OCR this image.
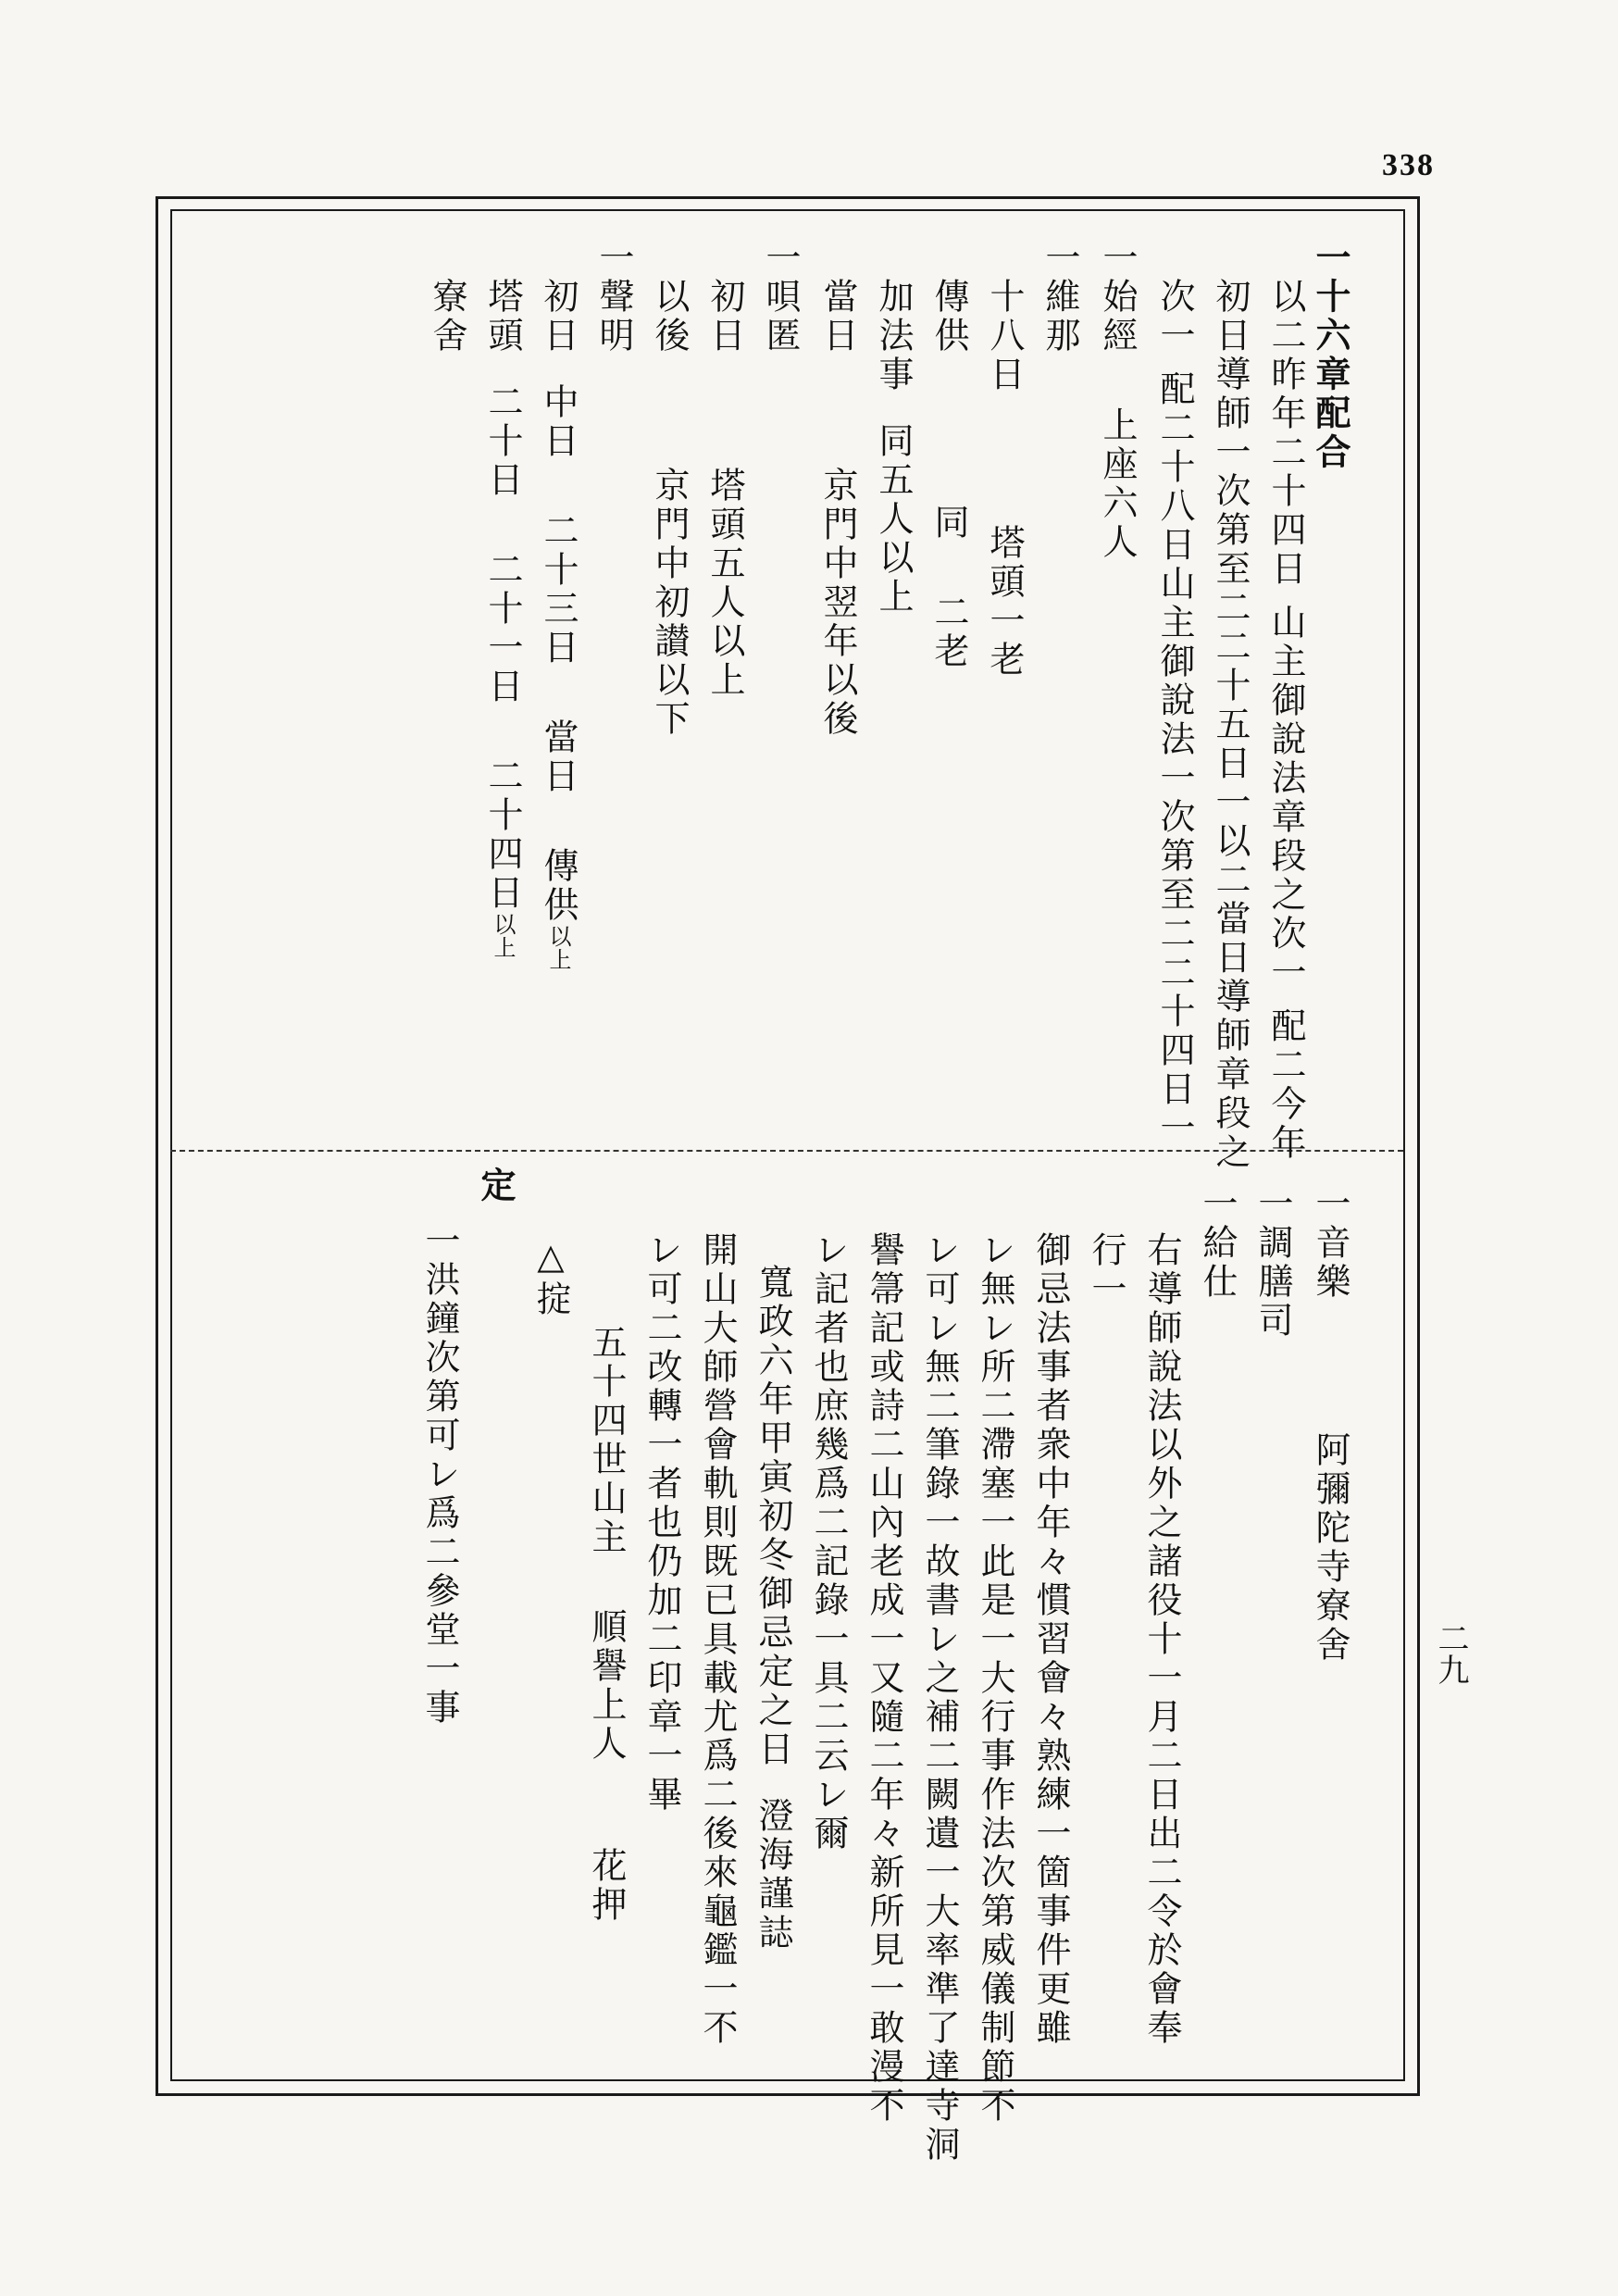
338
二九
一十六章配合
以二昨年二十四日 山主御說法章段之次一 配二今年
初日導師一次第至二二十五日一以二當日導師章段之
次一 配二十八日山主御說法一次第至二二十四日一
一始經上座六人
一維那
十八日塔頭一老
傳供同二老
加法事同五人以上
當日京門中翌年以後
一唄匿
初日塔頭五人以上
以後京門中初讃以下
一聲明
初日中日二十三日當日傳供以上
塔頭二十日二十一日二十四日以上
寮舍
一音樂阿彌陀寺寮舍
一調膳司
一給仕
右導師說法以外之諸役十一月二日出二令於會奉
行一
御忌法事者衆中年々慣習會々熟練一箇事件更雖
レ無レ所二滯塞一此是一大行事作法次第威儀制節不
レ可レ無二筆錄一故書レ之補二闕遺一大率準了達寺洞
譽箒記或詩二山內老成一又隨二年々新所見一敢漫不
レ記者也庶幾爲二記錄一具二云レ爾
寬政六年甲寅初冬御忌定之日澄海謹誌
開山大師營會軌則既已具載尤爲二後來龜鑑一不
レ可二改轉一者也仍加二印章一畢
五十四世山主順譽上人花押
△掟
定
一洪鐘次第可レ爲二參堂一事
